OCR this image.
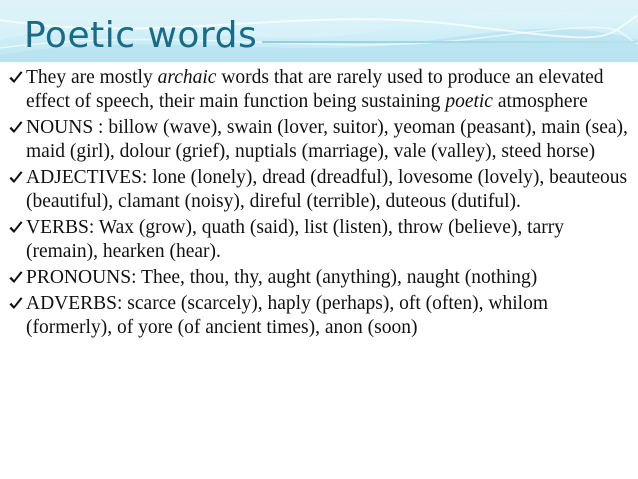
Poetic words
They are mostly archaic words that are rarely used to produce an elevated effect of speech, their main function being sustaining poetic atmosphere
NOUNS : billow (wave), swain (lover, suitor), yeoman (peasant), main (sea), maid (girl), dolour (grief), nuptials (marriage), vale (valley), steed horse)
ADJECTIVES: lone (lonely), dread (dreadful), lovesome (lovely), beauteous (beautiful), clamant (noisy), direful (terrible), duteous (dutiful).
VERBS: Wax (grow), quath (said), list (listen), throw (believe), tarry (remain), hearken (hear).
PRONOUNS: Thee, thou, thy, aught (anything), naught (nothing)
ADVERBS: scarce (scarcely), haply (perhaps), oft (often), whilom (formerly), of yore (of ancient times), anon (soon)
